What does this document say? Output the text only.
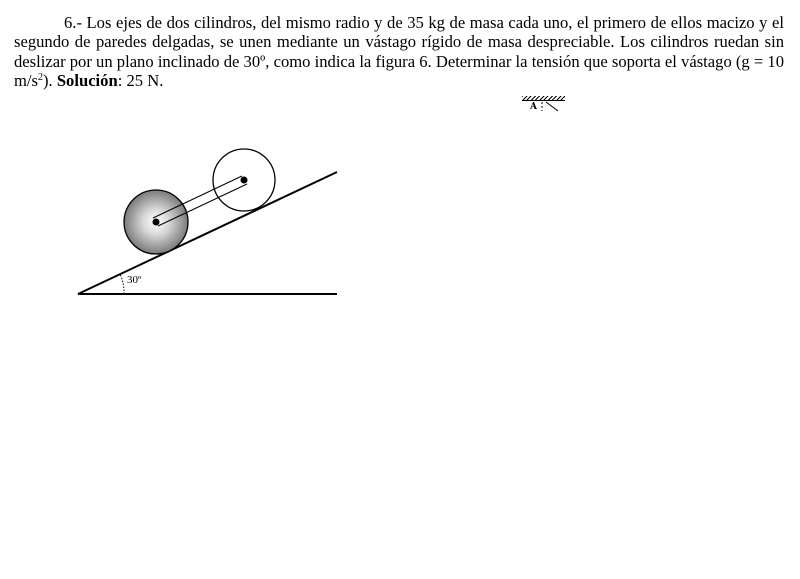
6.- Los ejes de dos cilindros, del mismo radio y de 35 kg de masa cada uno, el primero de ellos macizo y el segundo de paredes delgadas, se unen mediante un vástago rígido de masa despreciable. Los cilindros ruedan sin deslizar por un plano inclinado de 30º, como indica la figura 6. Determinar la tensión que soporta el vástago (g = 10 $m/s^2$). Solución: 25 N.

A
30º
